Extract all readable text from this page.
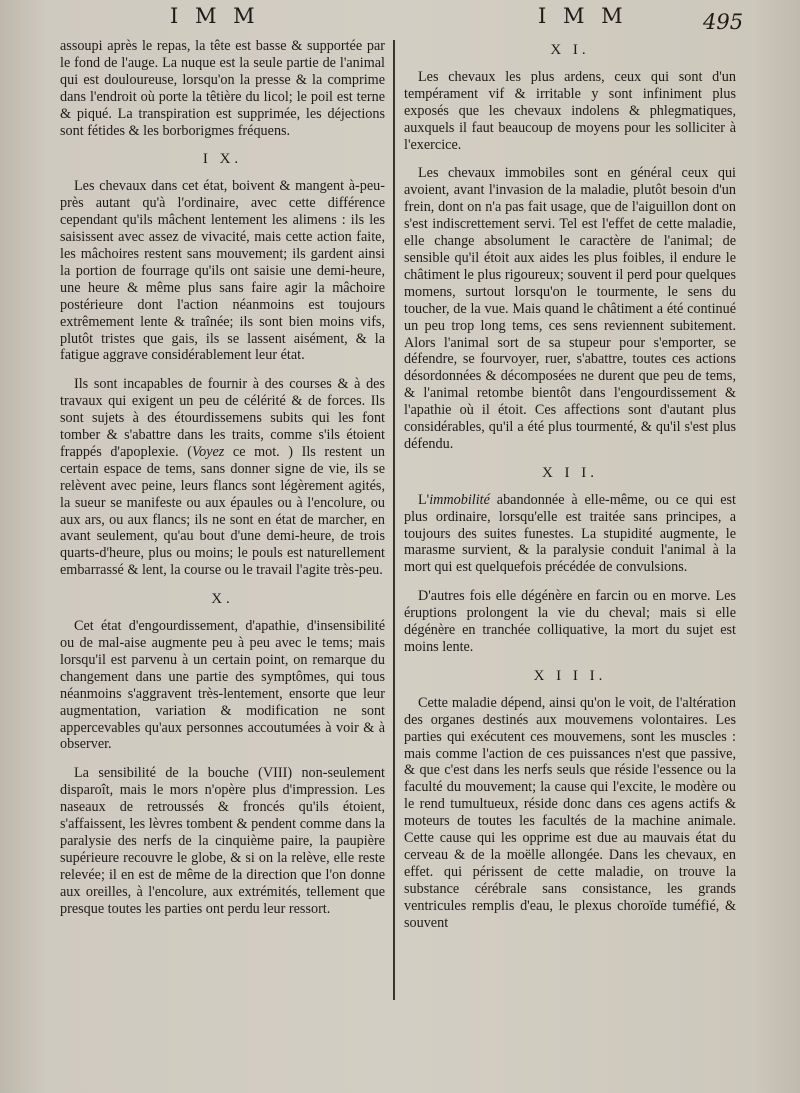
I M M	I M M	495

assoupi après le repas, la tête est basse & supportée par le fond de l'auge. La nuque est la seule partie de l'animal qui est douloureuse, lorsqu'on la presse & la comprime dans l'endroit où porte la têtière du licol; le poil est terne & piqué. La transpiration est supprimée, les déjections sont fétides & les borborigmes fréquens.

I X.

Les chevaux dans cet état, boivent & mangent à-peu-près autant qu'à l'ordinaire, avec cette différence cependant qu'ils mâchent lentement les alimens : ils les saisissent avec assez de vivacité, mais cette action faite, les mâchoires restent sans mouvement; ils gardent ainsi la portion de fourrage qu'ils ont saisie une demi-heure, une heure & même plus sans faire agir la mâchoire postérieure dont l'action néanmoins est toujours extrêmement lente & traînée; ils sont bien moins vifs, plutôt tristes que gais, ils se lassent aisément, & la fatigue aggrave considérablement leur état.

Ils sont incapables de fournir à des courses & à des travaux qui exigent un peu de célérité & de forces. Ils sont sujets à des étourdissemens subits qui les font tomber & s'abattre dans les traits, comme s'ils étoient frappés d'apoplexie. (Voyez ce mot. ) Ils restent un certain espace de tems, sans donner signe de vie, ils se relèvent avec peine, leurs flancs sont légèrement agités, la sueur se manifeste ou aux épaules ou à l'encolure, ou aux ars, ou aux flancs; ils ne sont en état de marcher, en avant seulement, qu'au bout d'une demi-heure, de trois quarts-d'heure, plus ou moins; le pouls est naturellement embarrassé & lent, la course ou le travail l'agite très-peu.

X.

Cet état d'engourdissement, d'apathie, d'insensibilité ou de mal-aise augmente peu à peu avec le tems; mais lorsqu'il est parvenu à un certain point, on remarque du changement dans une partie des symptômes, qui tous néanmoins s'aggravent très-lentement, ensorte que leur augmentation, variation & modification ne sont appercevables qu'aux personnes accoutumées à voir & à observer.

La sensibilité de la bouche (VIII) non-seulement disparoît, mais le mors n'opère plus d'impression. Les naseaux de retroussés & froncés qu'ils étoient, s'affaissent, les lèvres tombent & pendent comme dans la paralysie des nerfs de la cinquième paire, la paupière supérieure recouvre le globe, & si on la relève, elle reste relevée; il en est de même de la direction que l'on donne aux oreilles, à l'encolure, aux extrémités, tellement que presque toutes les parties ont perdu leur ressort.

X I.

Les chevaux les plus ardens, ceux qui sont d'un tempérament vif & irritable y sont infiniment plus exposés que les chevaux indolens & phlegmatiques, auxquels il faut beaucoup de moyens pour les solliciter à l'exercice.

Les chevaux immobiles sont en général ceux qui avoient, avant l'invasion de la maladie, plutôt besoin d'un frein, dont on n'a pas fait usage, que de l'aiguillon dont on s'est indiscrettement servi. Tel est l'effet de cette maladie, elle change absolument le caractère de l'animal; de sensible qu'il étoit aux aides les plus foibles, il endure le châtiment le plus rigoureux; souvent il perd pour quelques momens, surtout lorsqu'on le tourmente, le sens du toucher, de la vue. Mais quand le châtiment a été continué un peu trop long tems, ces sens reviennent subitement. Alors l'animal sort de sa stupeur pour s'emporter, se défendre, se fourvoyer, ruer, s'abattre, toutes ces actions désordonnées & décomposées ne durent que peu de tems, & l'animal retombe bientôt dans l'engourdissement & l'apathie où il étoit. Ces affections sont d'autant plus considérables, qu'il a été plus tourmenté, & qu'il s'est plus défendu.

X I I.

L'immobilité abandonnée à elle-même, ou ce qui est plus ordinaire, lorsqu'elle est traitée sans principes, a toujours des suites funestes. La stupidité augmente, le marasme survient, & la paralysie conduit l'animal à la mort qui est quelquefois précédée de convulsions.

D'autres fois elle dégénère en farcin ou en morve. Les éruptions prolongent la vie du cheval; mais si elle dégénère en tranchée colliquative, la mort du sujet est moins lente.

X I I I.

Cette maladie dépend, ainsi qu'on le voit, de l'altération des organes destinés aux mouvemens volontaires. Les parties qui exécutent ces mouvemens, sont les muscles : mais comme l'action de ces puissances n'est que passive, & que c'est dans les nerfs seuls que réside l'essence ou la faculté du mouvement; la cause qui l'excite, le modère ou le rend tumultueux, réside donc dans ces agens actifs & moteurs de toutes les facultés de la machine animale. Cette cause qui les opprime est due au mauvais état du cerveau & de la moëlle allongée. Dans les chevaux, en effet. qui périssent de cette maladie, on trouve la substance cérébrale sans consistance, les grands ventricules remplis d'eau, le plexus choroïde tuméfié, & souvent
